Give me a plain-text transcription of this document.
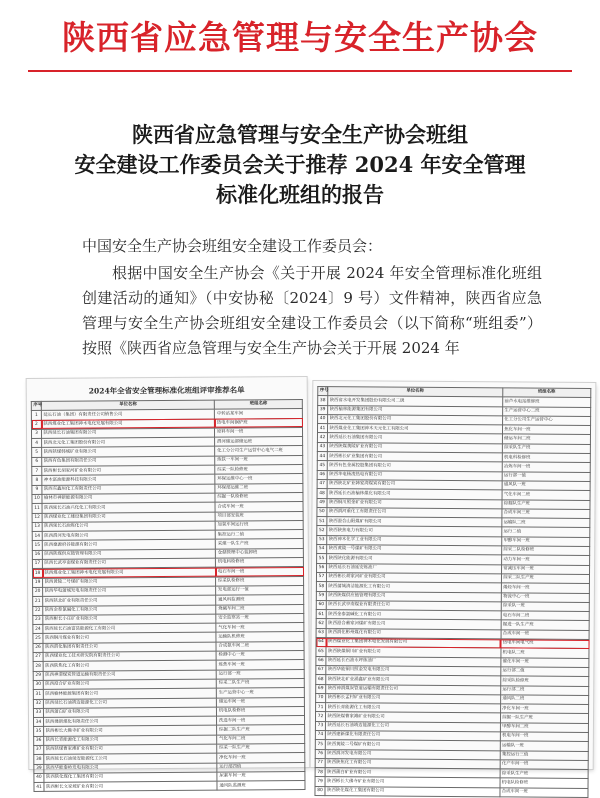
陕西省应急管理与安全生产协会
陕西省应急管理与安全生产协会班组
安全建设工作委员会关于推荐 2024 年安全管理
标准化班组的报告

中国安全生产协会班组安全建设工作委员会：

根据中国安全生产协会《关于开展 2024 年安全管理标准化班组创建活动的通知》（中安协秘〔2024〕9 号）文件精神，陕西省应急管理与安全生产协会班组安全建设工作委员会（以下简称“班组委”）按照《陕西省应急管理与安全生产协会关于开展 2024 年

2024年全省安全管理标准化班组评审推荐名单
序号	单位名称	班组名称
1	延长石油（集团）有限责任公司销售公司	中转站某车间
2	陕西煤业化工集团神木电化发展有限公司	热电车间锅炉班
3	陕西延长石油集团有限公司	原料车间一班
4	陕西北元化工集团股份有限公司	渭河储运部储运班
5	陕西陕煤韩城矿业有限公司	化工分公司生产运营中心电气二班
6	陕西有色集团有限责任公司	炼铁一车间一班
7	陕西彬长胡家河矿业有限公司	综采一队检修班
8	神木富油能源科技有限公司	环保运维中心一班
9	陕西东鑫垣化工有限责任公司	环保部运维二班
10	榆林市神新能源有限公司	综掘一队检修班
11	陕西延长石油兴化化工有限公司	合成车间一班
12	陕西煤业化工建设集团有限公司	项目部安装班
13	陕西延长石油炼化公司	加氢车间运行班
14	陕西渭河发电有限公司	集控运行二值
15	陕西德源府谷能源有限公司	采煤一队生产班
16	陕西陕煤供应链管理有限公司	仓储管理中心装卸班
17	陕西长武亭南煤业有限责任公司	机电科检修班
18	陕西煤业化工集团神木电化发展有限公司	电石车间一班
19	陕西黄陵二号煤矿有限公司	综采队检修班
20	陕西华电蒲城发电有限责任公司	发电部运行一值
21	陕西陕北矿业有限责任公司	通风科监测班
22	陕西金泰氯碱化工有限公司	烧碱车间二班
23	陕西彬长小庄矿业有限公司	安全监察站一班
24	陕西延长石油富县能源化工有限公司	气化车间一班
25	陕西铜川煤业有限公司	运输队机修班
26	陕西渭化集团有限责任公司	合成氨车间二班
27	陕西煤业化工技术研究院有限责任公司	检测中心一班
28	陕西陕焦化工有限公司	炼焦车间一班
29	陕西神渭煤炭管道运输有限责任公司	运行部一班
30	陕西澄合矿业有限公司	综采二队生产班
31	陕西榆林能源集团有限公司	生产运营中心一班
32	陕西延长石油靖边能源化工公司	储运车间一班
33	陕西蒲白矿业有限公司	机电队检修班
34	陕西建新煤化有限责任公司	洗选车间一班
35	陕西彬长大佛寺矿业有限公司	综掘二队生产班
36	陕西长青能源化工有限公司	气化车间二班
37	陕西陕煤曹家滩矿业有限公司	综采一队生产班
38	陕西延长石油延安能源化工公司	净化车间一班
39	陕西华能秦岭发电有限公司	运行部四值
40	陕西陕化煤化工集团有限公司	尿素车间一班
41	陕西彬长文家坡矿业有限公司	通风队监测班
序号	单位名称	班组名称
38	陕西省水电开发集团股份有限公司二级	前芦水电站维修班
39	陕西榆林能源集团有限公司	生产运营中心二班
40	陕西北元化工集团股份有限公司	化工分公司生产运营中心
41	陕西煤业化工集团神木天元化工有限公司	焦化车间一班
42	陕西延长石油集团有限公司	储运车间二班
43	陕西陕煤黄陵矿业有限公司	综采队生产班
44	陕西彬长矿业集团有限公司	机电科检修班
45	陕西有色金属控股集团有限公司	冶炼车间一班
46	陕西华电杨凌热电有限公司	运行部一值
47	陕西陕北矿业韩家湾煤炭有限公司	通风队一班
48	陕西延长石油榆林煤化有限公司	气化车间二班
49	陕西铜川照金矿业有限公司	综掘队生产班
50	陕西渭河重化工有限责任公司	合成车间三班
51	陕西澄合山阳煤矿有限公司	运输队二班
52	陕西陕焦电力有限公司	运行二值
53	陕西神木化学工业有限公司	甲醇车间一班
54	陕西黄陵一号煤矿有限公司	综采二队检修班
55	陕西陕化能源有限公司	动力车间一班
56	陕西延长石油延安炼油厂	常减压车间一班
57	陕西彬长胡家河矿业有限公司	综采二队生产班
58	陕西蒲城清洁能源化工有限公司	烯烃车间一班
59	陕西陕煤供应链管理有限公司	物流中心一班
60	陕西长武亭南煤业有限责任公司	综采队一班
61	陕西金泰氯碱化工有限公司	电石车间二班
62	陕西澄合董家河煤矿有限公司	掘进一队生产班
63	陕西渭化彬州煤化有限公司	合成车间一班
64	陕西煤业化工集团神木电化发展有限公司	热电车间电气班
65	陕西陕煤铜川矿业有限公司	机电队二班
66	陕西延长石油永坪炼油厂	催化车间一班
67	陕西华能铜川照金发电有限公司	运行部二值
68	陕西陕北矿业涌鑫矿业有限公司	综采队检修班
69	陕西神渭煤炭管道运输有限责任公司	运行部二班
70	陕西彬长孟村矿业有限公司	通风队二班
71	陕西长青能源化工有限公司	净化车间一班
72	陕西陕煤曹家滩矿业有限公司	综掘一队生产班
73	陕西延长石油靖边能源化工公司	甲醇车间二班
74	陕西建新煤化有限责任公司	机电车间一班
75	陕西黄陵二号煤矿有限公司	运输队一班
76	陕西渭河发电有限公司	集控运行三值
77	陕西陕焦化工有限公司	化产车间一班
78	陕西蒲白矿业有限公司	综采队生产班
79	陕西彬长大佛寺矿业有限公司	机电队检修班
80	陕西陕化煤化工集团有限公司	合成车间一班
